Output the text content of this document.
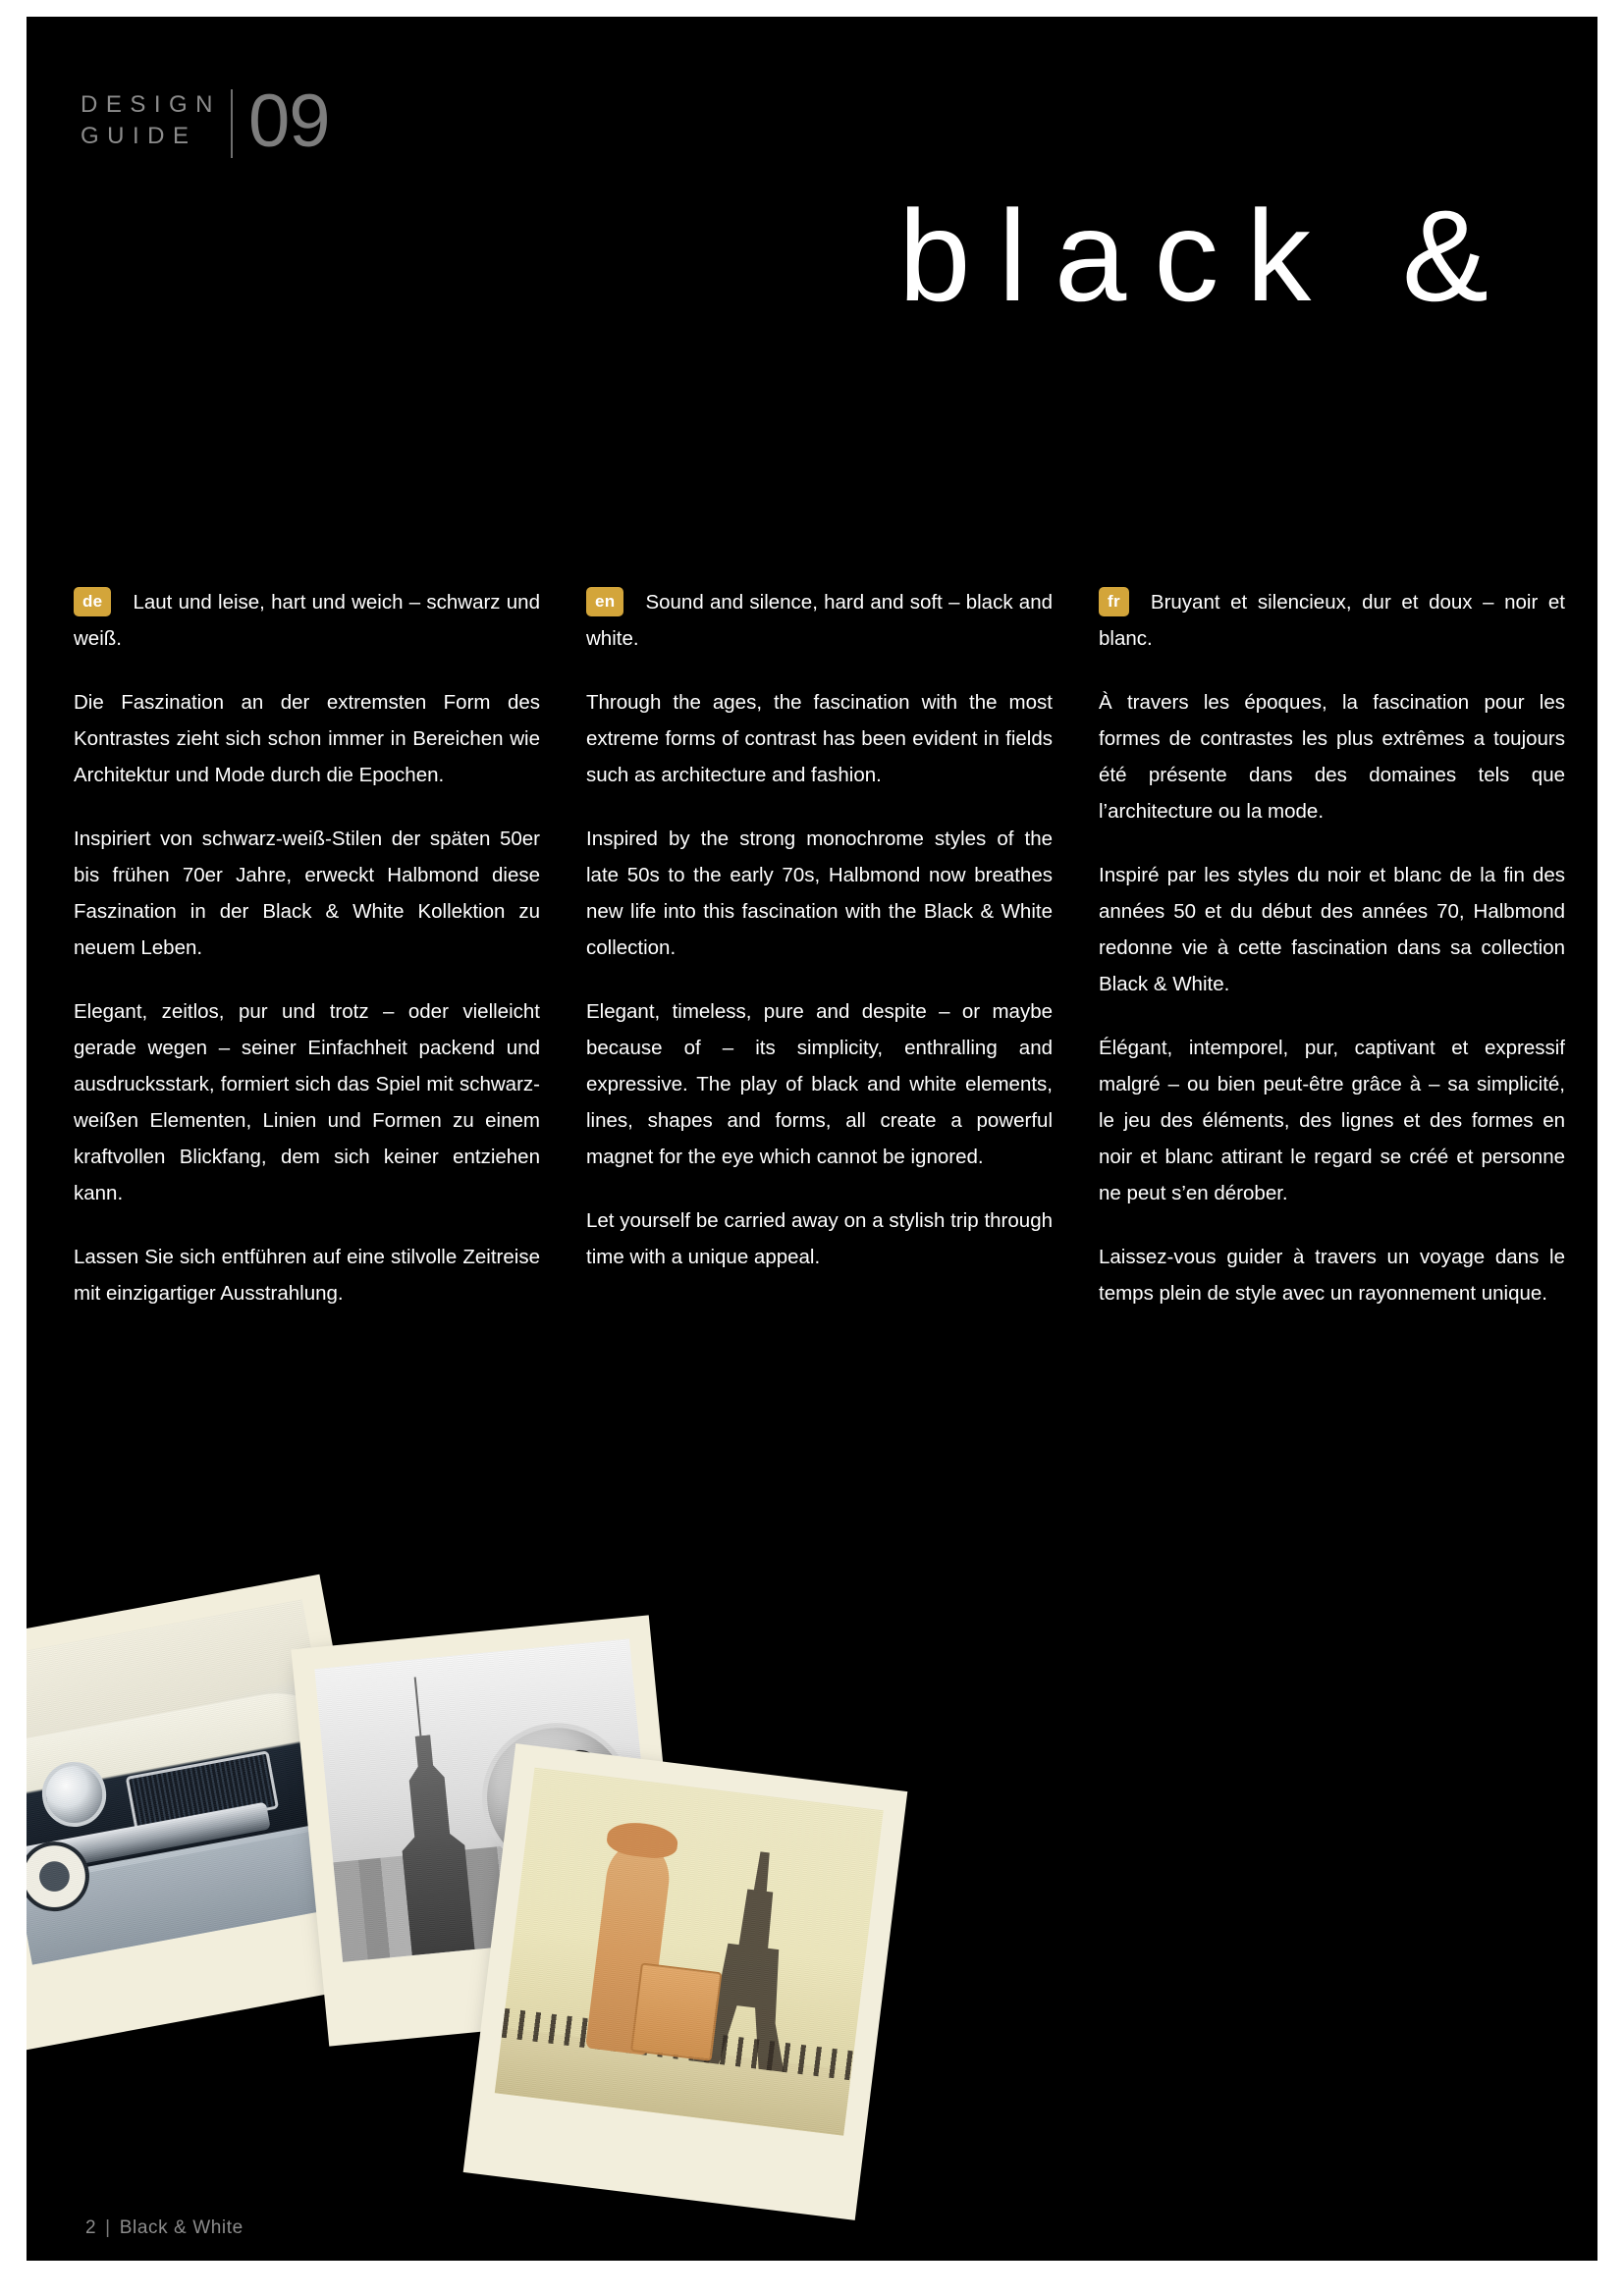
DESIGN
GUIDE 09
black &

de Laut und leise, hart und weich – schwarz und weiß.

Die Faszination an der extremsten Form des Kontrastes zieht sich schon immer in Bereichen wie Architektur und Mode durch die Epochen.

Inspiriert von schwarz-weiß-Stilen der späten 50er bis frühen 70er Jahre, erweckt Halbmond diese Faszination in der Black & White Kollektion zu neuem Leben.

Elegant, zeitlos, pur und trotz – oder vielleicht gerade wegen – seiner Einfachheit packend und ausdrucksstark, formiert sich das Spiel mit schwarz-weißen Elementen, Linien und Formen zu einem kraftvollen Blickfang, dem sich keiner entziehen kann.

Lassen Sie sich entführen auf eine stilvolle Zeitreise mit einzigartiger Ausstrahlung.

en Sound and silence, hard and soft – black and white.

Through the ages, the fascination with the most extreme forms of contrast has been evident in fields such as architecture and fashion.

Inspired by the strong monochrome styles of the late 50s to the early 70s, Halbmond now breathes new life into this fascination with the Black & White collection.

Elegant, timeless, pure and despite – or maybe because of – its simplicity, enthralling and expressive. The play of black and white elements, lines, shapes and forms, all create a powerful magnet for the eye which cannot be ignored.

Let yourself be carried away on a stylish trip through time with a unique appeal.

fr Bruyant et silencieux, dur et doux – noir et blanc.

À travers les époques, la fascination pour les formes de contrastes les plus extrêmes a toujours été présente dans des domaines tels que l’architecture ou la mode.

Inspiré par les styles du noir et blanc de la fin des années 50 et du début des années 70, Halbmond redonne vie à cette fascination dans sa collection Black & White.

Élégant, intemporel, pur, captivant et expressif malgré – ou bien peut-être grâce à – sa simplicité, le jeu des éléments, des lignes et des formes en noir et blanc attirant le regard se créé et personne ne peut s’en dérober.

Laissez-vous guider à travers un voyage dans le temps plein de style avec un rayonnement unique.

2 | Black & White
